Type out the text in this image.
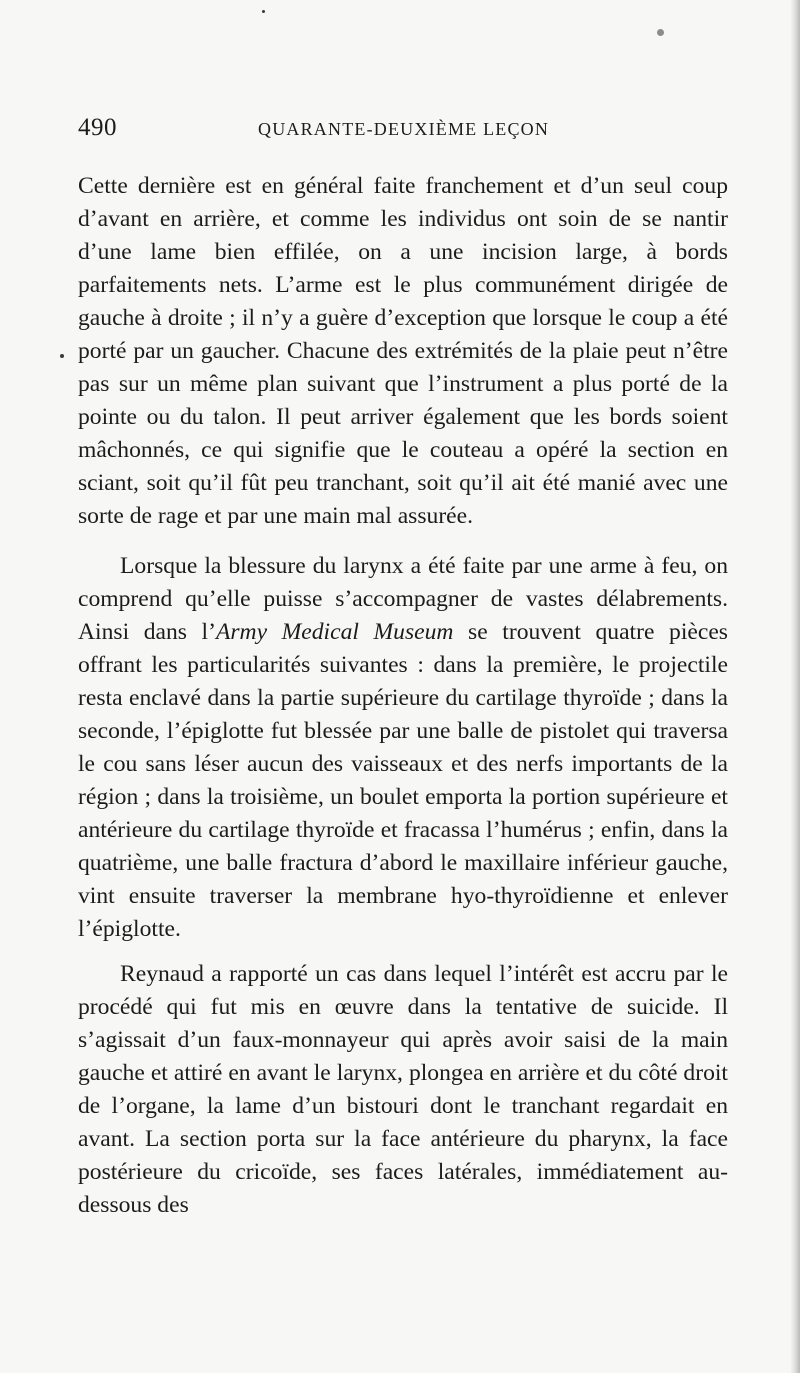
490	QUARANTE-DEUXIÈME LEÇON

Cette dernière est en général faite franchement et d’un seul coup d’avant en arrière, et comme les individus ont soin de se nantir d’une lame bien effilée, on a une incision large, à bords parfaitements nets. L’arme est le plus communément dirigée de gauche à droite ; il n’y a guère d’exception que lorsque le coup a été porté par un gaucher. Chacune des extrémités de la plaie peut n’être pas sur un même plan suivant que l’instrument a plus porté de la pointe ou du talon. Il peut arriver également que les bords soient mâchonnés, ce qui signifie que le couteau a opéré la section en sciant, soit qu’il fût peu tranchant, soit qu’il ait été manié avec une sorte de rage et par une main mal assurée.

Lorsque la blessure du larynx a été faite par une arme à feu, on comprend qu’elle puisse s’accompagner de vastes délabrements. Ainsi dans l’Army Medical Museum se trouvent quatre pièces offrant les particularités suivantes : dans la première, le projectile resta enclavé dans la partie supérieure du cartilage thyroïde ; dans la seconde, l’épiglotte fut blessée par une balle de pistolet qui traversa le cou sans léser aucun des vaisseaux et des nerfs importants de la région ; dans la troisième, un boulet emporta la portion supérieure et antérieure du cartilage thyroïde et fracassa l’humérus ; enfin, dans la quatrième, une balle fractura d’abord le maxillaire inférieur gauche, vint ensuite traverser la membrane hyo-thyroïdienne et enlever l’épiglotte.

Reynaud a rapporté un cas dans lequel l’intérêt est accru par le procédé qui fut mis en œuvre dans la tentative de suicide. Il s’agissait d’un faux-monnayeur qui après avoir saisi de la main gauche et attiré en avant le larynx, plongea en arrière et du côté droit de l’organe, la lame d’un bistouri dont le tranchant regardait en avant. La section porta sur la face antérieure du pharynx, la face postérieure du cricoïde, ses faces latérales, immédiatement au-dessous des
